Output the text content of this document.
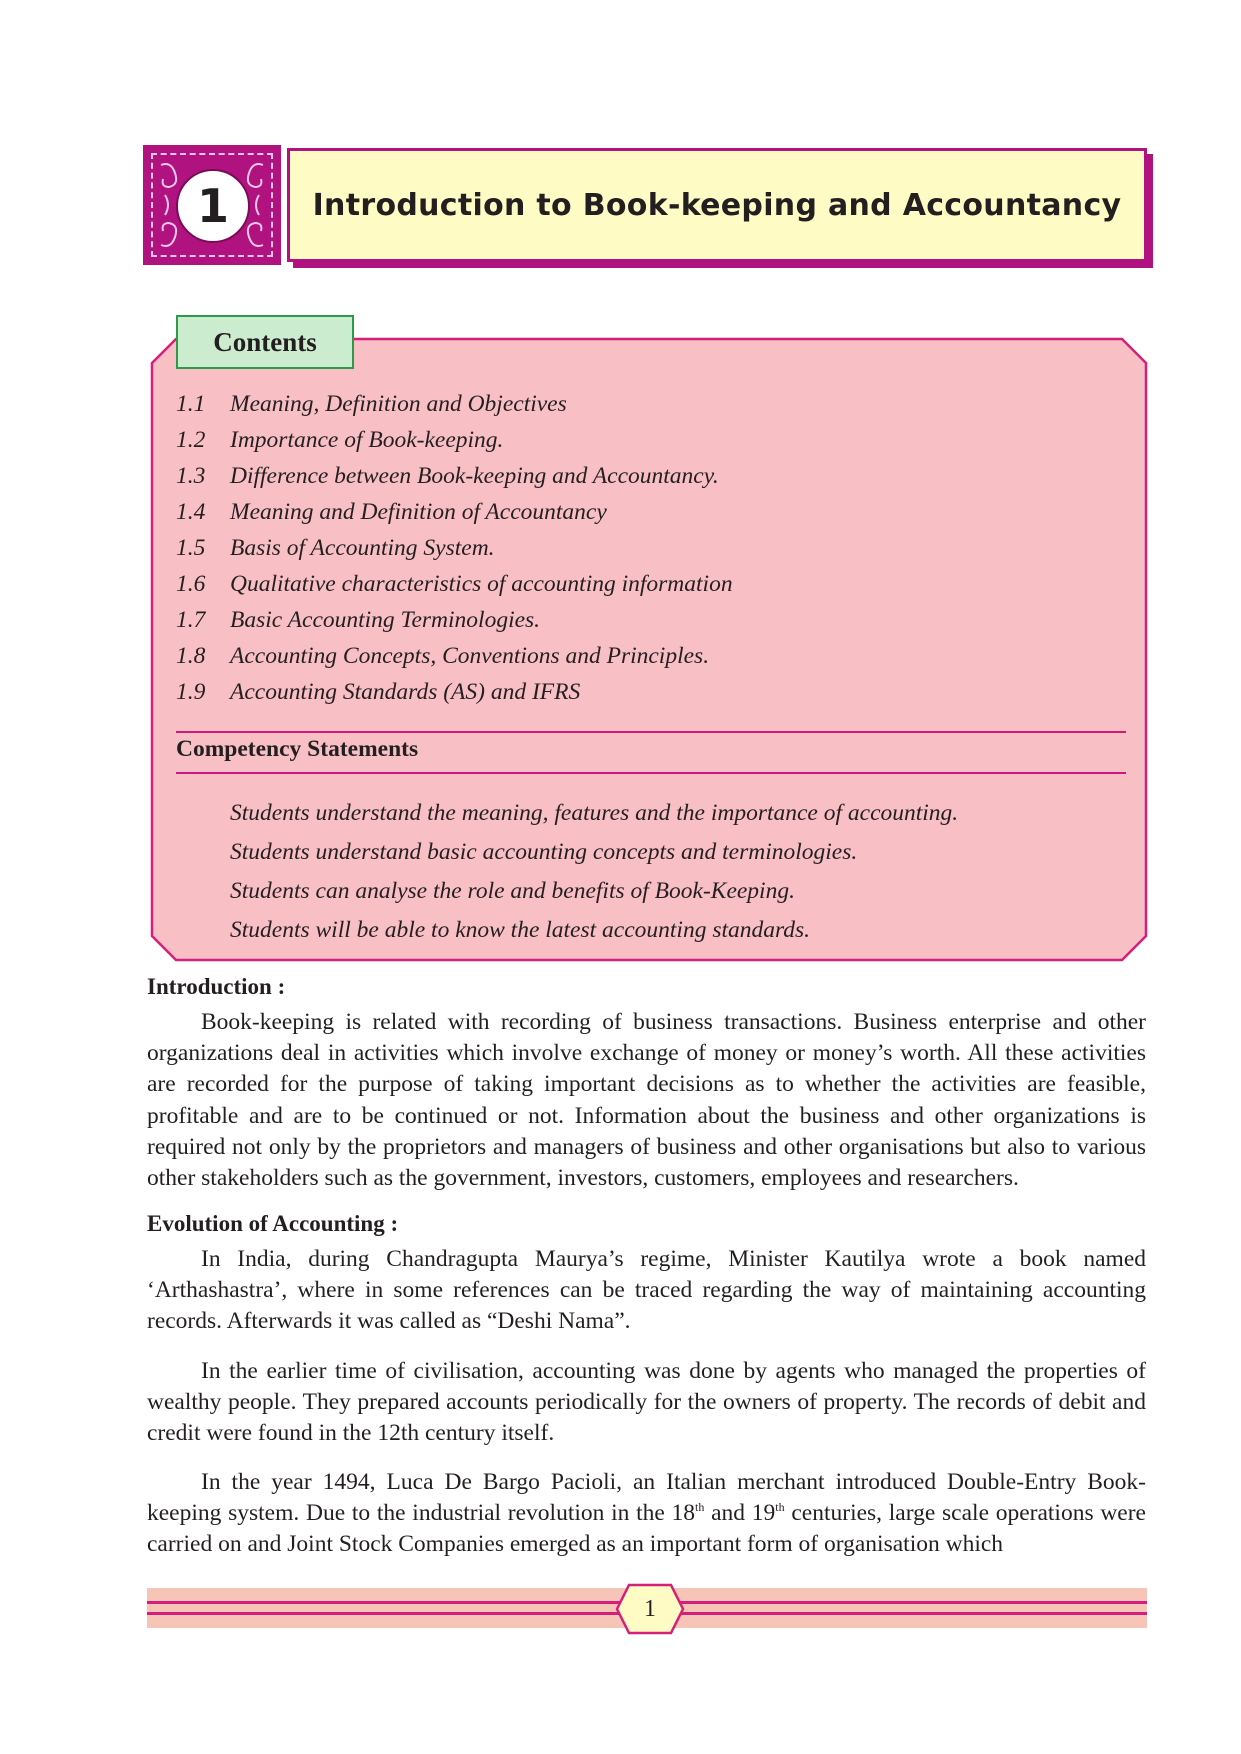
1	Introduction to Book-keeping and Accountancy
Contents
1.1 Meaning, Definition and Objectives
1.2 Importance of Book-keeping.
1.3 Difference between Book-keeping and Accountancy.
1.4 Meaning and Definition of Accountancy
1.5 Basis of Accounting System.
1.6 Qualitative characteristics of accounting information
1.7 Basic Accounting Terminologies.
1.8 Accounting Concepts, Conventions and Principles.
1.9 Accounting Standards (AS) and IFRS
Competency Statements
Students understand the meaning, features and the importance of accounting.
Students understand basic accounting concepts and terminologies.
Students can analyse the role and benefits of Book-Keeping.
Students will be able to know the latest accounting standards.
Introduction :

Book-keeping is related with recording of business transactions. Business enterprise and other organizations deal in activities which involve exchange of money or money’s worth. All these activities are recorded for the purpose of taking important decisions as to whether the activities are feasible, profitable and are to be continued or not. Information about the business and other organizations is required not only by the proprietors and managers of business and other organisations but also to various other stakeholders such as the government, investors, customers, employees and researchers.

Evolution of Accounting :

In India, during Chandragupta Maurya’s regime, Minister Kautilya wrote a book named ‘Arthashastra’, where in some references can be traced regarding the way of maintaining accounting records. Afterwards it was called as “Deshi Nama”.

In the earlier time of civilisation, accounting was done by agents who managed the properties of wealthy people. They prepared accounts periodically for the owners of property. The records of debit and credit were found in the 12th century itself.

In the year 1494, Luca De Bargo Pacioli, an Italian merchant introduced Double-Entry Book-keeping system. Due to the industrial revolution in the 18th and 19th centuries, large scale operations were carried on and Joint Stock Companies emerged as an important form of organisation which

1
